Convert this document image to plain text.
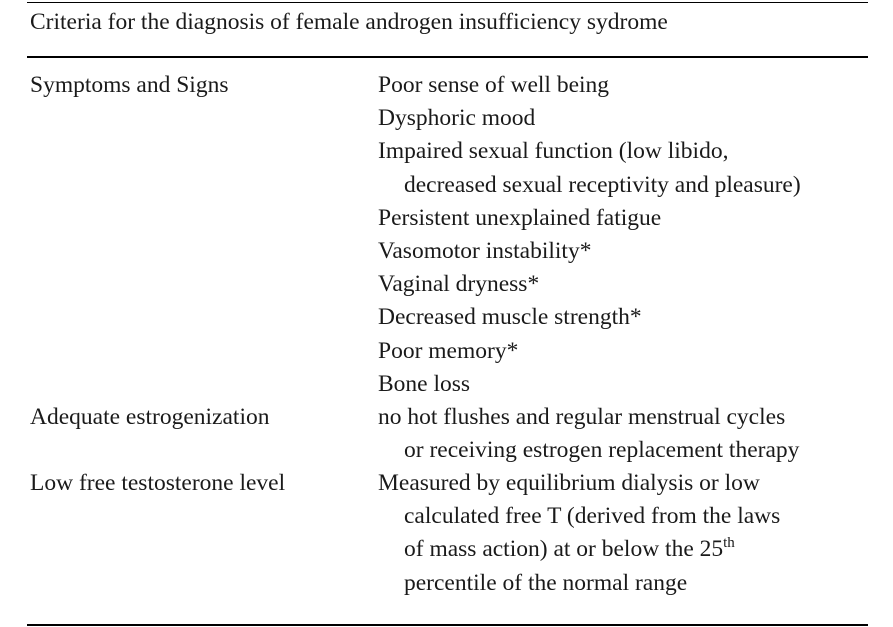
Criteria for the diagnosis of female androgen insufficiency sydrome
Symptoms and Signs	Poor sense of well being
Dysphoric mood
Impaired sexual function (low libido,
decreased sexual receptivity and pleasure)
Persistent unexplained fatigue
Vasomotor instability*
Vaginal dryness*
Decreased muscle strength*
Poor memory*
Bone loss
Adequate estrogenization	no hot flushes and regular menstrual cycles
or receiving estrogen replacement therapy
Low free testosterone level	Measured by equilibrium dialysis or low
calculated free T (derived from the laws
of mass action) at or below the 25th
percentile of the normal range
